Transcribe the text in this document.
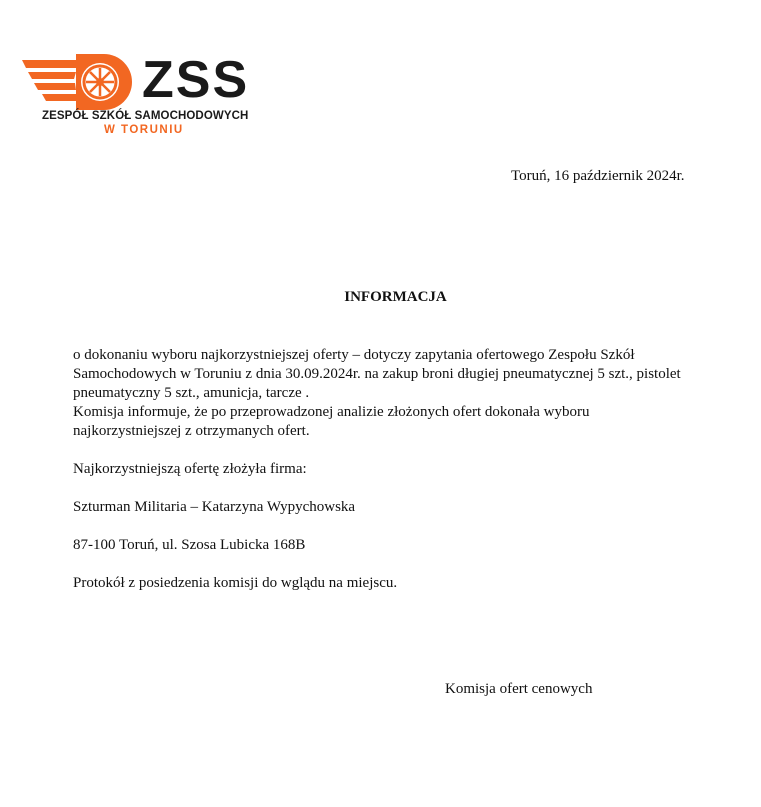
ZSS
ZESPÓŁ SZKÓŁ SAMOCHODOWYCH
W TORUNIU
Toruń, 16 październik 2024r.
INFORMACJA

o dokonaniu wyboru najkorzystniejszej oferty – dotyczy zapytania ofertowego Zespołu Szkół

Samochodowych w Toruniu z dnia 30.09.2024r. na zakup broni długiej pneumatycznej 5 szt., pistolet

pneumatyczny 5 szt., amunicja, tarcze .

Komisja informuje, że po przeprowadzonej analizie złożonych ofert dokonała wyboru

najkorzystniejszej z otrzymanych ofert.

Najkorzystniejszą ofertę złożyła firma:

Szturman Militaria – Katarzyna Wypychowska

87-100 Toruń, ul. Szosa Lubicka 168B

Protokół z posiedzenia komisji do wglądu na miejscu.

Komisja ofert cenowych
